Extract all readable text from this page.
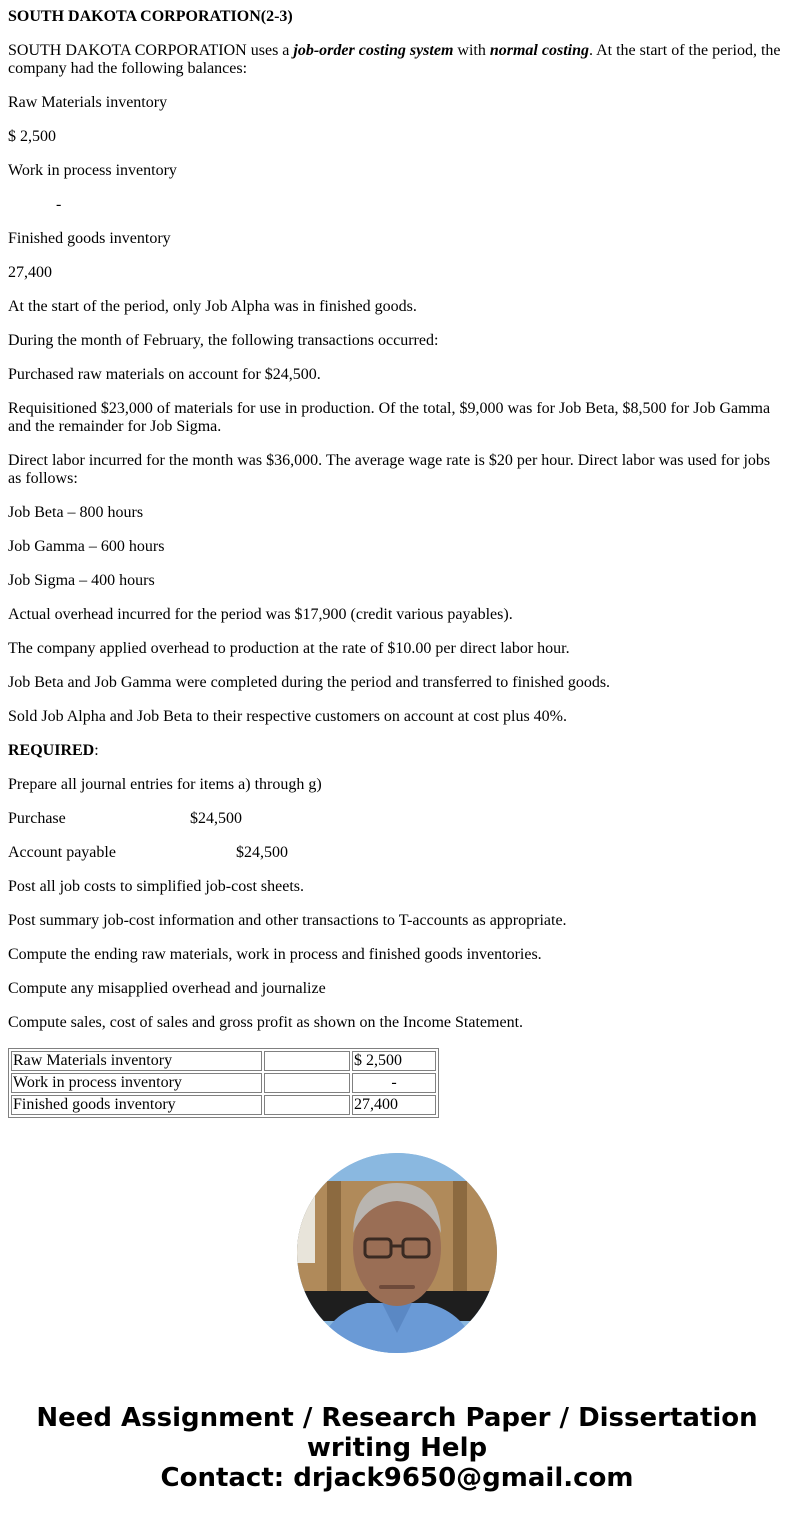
SOUTH DAKOTA CORPORATION(2-3)

SOUTH DAKOTA CORPORATION uses a job-order costing system with normal costing. At the start of the period, the company had the following balances:

Raw Materials inventory

$ 2,500

Work in process inventory

-

Finished goods inventory

27,400

At the start of the period, only Job Alpha was in finished goods.

During the month of February, the following transactions occurred:

Purchased raw materials on account for $24,500.

Requisitioned $23,000 of materials for use in production. Of the total, $9,000 was for Job Beta, $8,500 for Job Gamma and the remainder for Job Sigma.

Direct labor incurred for the month was $36,000. The average wage rate is $20 per hour. Direct labor was used for jobs as follows:

Job Beta – 800 hours

Job Gamma – 600 hours

Job Sigma – 400 hours

Actual overhead incurred for the period was $17,900 (credit various payables).

The company applied overhead to production at the rate of $10.00 per direct labor hour.

Job Beta and Job Gamma were completed during the period and transferred to finished goods.

Sold Job Alpha and Job Beta to their respective customers on account at cost plus 40%.

REQUIRED:

Prepare all journal entries for items a) through g)

Purchase	$24,500

Account payable	$24,500

Post all job costs to simplified job-cost sheets.

Post summary job-cost information and other transactions to T-accounts as appropriate.

Compute the ending raw materials, work in process and finished goods inventories.

Compute any misapplied overhead and journalize

Compute sales, cost of sales and gross profit as shown on the Income Statement.

Raw Materials inventory		$ 2,500
Work in process inventory		-
Finished goods inventory		27,400
Need Assignment / Research Paper / Dissertation writing Help
Contact: drjack9650@gmail.com
